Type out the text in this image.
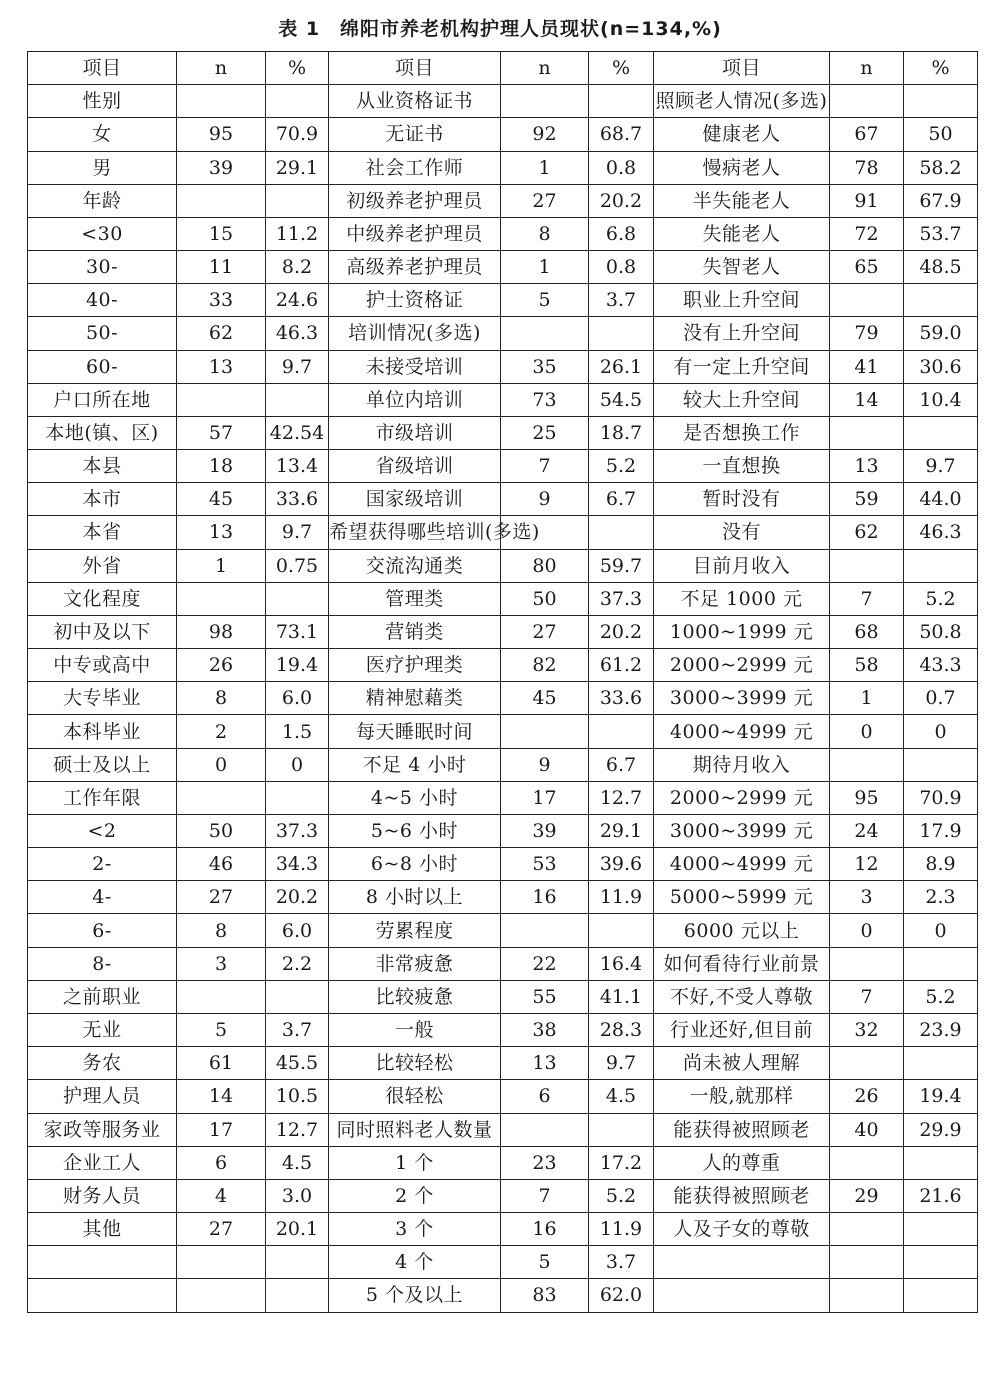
表 1　绵阳市养老机构护理人员现状(n=134,%)
项目	n	%	项目	n	%	项目	n	%
性别			从业资格证书			照顾老人情况(多选)		
女	95	70.9	无证书	92	68.7	健康老人	67	50
男	39	29.1	社会工作师	1	0.8	慢病老人	78	58.2
年龄			初级养老护理员	27	20.2	半失能老人	91	67.9
<30	15	11.2	中级养老护理员	8	6.8	失能老人	72	53.7
30-	11	8.2	高级养老护理员	1	0.8	失智老人	65	48.5
40-	33	24.6	护士资格证	5	3.7	职业上升空间		
50-	62	46.3	培训情况(多选)			没有上升空间	79	59.0
60-	13	9.7	未接受培训	35	26.1	有一定上升空间	41	30.6
户口所在地			单位内培训	73	54.5	较大上升空间	14	10.4
本地(镇、区)	57	42.54	市级培训	25	18.7	是否想换工作		
本县	18	13.4	省级培训	7	5.2	一直想换	13	9.7
本市	45	33.6	国家级培训	9	6.7	暂时没有	59	44.0
本省	13	9.7	希望获得哪些培训(多选)			没有	62	46.3
外省	1	0.75	交流沟通类	80	59.7	目前月收入		
文化程度			管理类	50	37.3	不足 1000 元	7	5.2
初中及以下	98	73.1	营销类	27	20.2	1000~1999 元	68	50.8
中专或高中	26	19.4	医疗护理类	82	61.2	2000~2999 元	58	43.3
大专毕业	8	6.0	精神慰藉类	45	33.6	3000~3999 元	1	0.7
本科毕业	2	1.5	每天睡眠时间			4000~4999 元	0	0
硕士及以上	0	0	不足 4 小时	9	6.7	期待月收入		
工作年限			4~5 小时	17	12.7	2000~2999 元	95	70.9
<2	50	37.3	5~6 小时	39	29.1	3000~3999 元	24	17.9
2-	46	34.3	6~8 小时	53	39.6	4000~4999 元	12	8.9
4-	27	20.2	8 小时以上	16	11.9	5000~5999 元	3	2.3
6-	8	6.0	劳累程度			6000 元以上	0	0
8-	3	2.2	非常疲惫	22	16.4	如何看待行业前景		
之前职业			比较疲惫	55	41.1	不好,不受人尊敬	7	5.2
无业	5	3.7	一般	38	28.3	行业还好,但目前	32	23.9
务农	61	45.5	比较轻松	13	9.7	尚未被人理解		
护理人员	14	10.5	很轻松	6	4.5	一般,就那样	26	19.4
家政等服务业	17	12.7	同时照料老人数量			能获得被照顾老	40	29.9
企业工人	6	4.5	1 个	23	17.2	人的尊重		
财务人员	4	3.0	2 个	7	5.2	能获得被照顾老	29	21.6
其他	27	20.1	3 个	16	11.9	人及子女的尊敬		
			4 个	5	3.7			
			5 个及以上	83	62.0			
